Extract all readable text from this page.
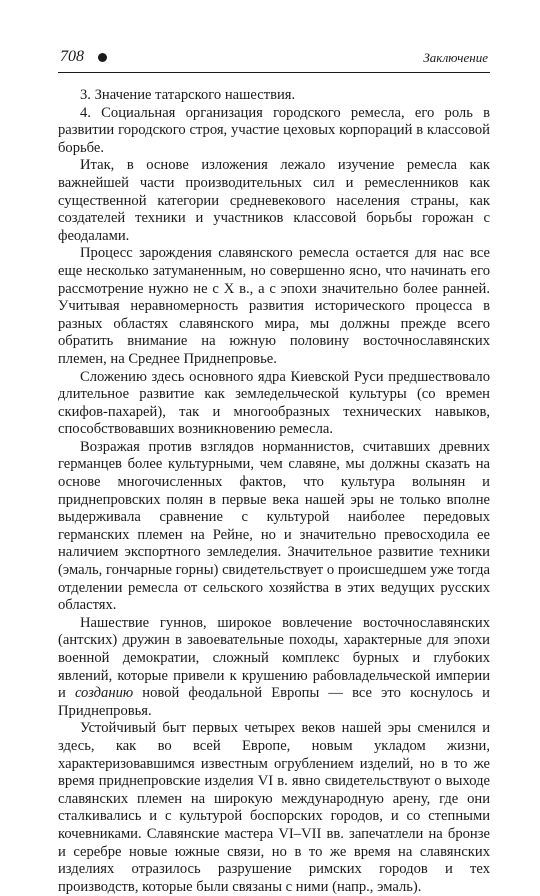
708	Заключение

3. Значение татарского нашествия.

4. Социальная организация городского ремесла, его роль в развитии городского строя, участие цеховых корпораций в классовой борьбе.

Итак, в основе изложения лежало изучение ремесла как важнейшей части производительных сил и ремесленников как существенной категории средневекового населения страны, как создателей техники и участников классовой борьбы горожан с феодалами.

Процесс зарождения славянского ремесла остается для нас все еще несколько затуманенным, но совершенно ясно, что начинать его рассмотрение нужно не с X в., а с эпохи значительно более ранней. Учитывая неравномерность развития исторического процесса в разных областях славянского мира, мы должны прежде всего обратить внимание на южную половину восточнославянских племен, на Среднее Приднепровье.

Сложению здесь основного ядра Киевской Руси предшествовало длительное развитие как земледельческой культуры (со времен скифов-пахарей), так и многообразных технических навыков, способствовавших возникновению ремесла.

Возражая против взглядов норманнистов, считавших древних германцев более культурными, чем славяне, мы должны сказать на основе многочисленных фактов, что культура волынян и приднепровских полян в первые века нашей эры не только вполне выдерживала сравнение с культурой наиболее передовых германских племен на Рейне, но и значительно превосходила ее наличием экспортного земледелия. Значительное развитие техники (эмаль, гончарные горны) свидетельствует о происшедшем уже тогда отделении ремесла от сельского хозяйства в этих ведущих русских областях.

Нашествие гуннов, широкое вовлечение восточнославянских (антских) дружин в завоевательные походы, характерные для эпохи военной демократии, сложный комплекс бурных и глубоких явлений, которые привели к крушению рабовладельческой империи и созданию новой феодальной Европы — все это коснулось и Приднепровья.

Устойчивый быт первых четырех веков нашей эры сменился и здесь, как во всей Европе, новым укладом жизни, характеризовавшимся известным огрублением изделий, но в то же время приднепровские изделия VI в. явно свидетельствуют о выходе славянских племен на широкую международную арену, где они сталкивались и с культурой боспорских городов, и со степными кочевниками. Славянские мастера VI–VII вв. запечатлели на бронзе и серебре новые южные связи, но в то же время на славянских изделиях отразилось разрушение римских городов и тех производств, которые были связаны с ними (напр., эмаль).
